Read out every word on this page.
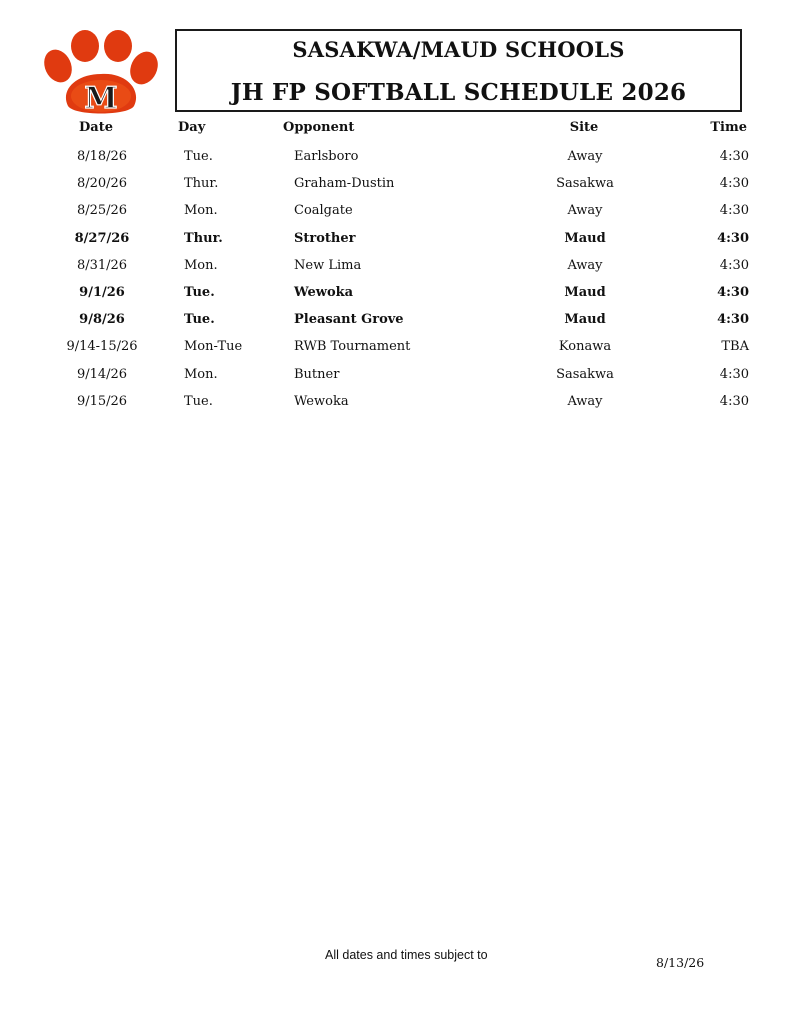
M
SASAKWA/MAUD SCHOOLS
JH FP SOFTBALL SCHEDULE 2026
Date	Day	Opponent	Site	Time
8/18/26	Tue.	Earlsboro	Away	4:30
8/20/26	Thur.	Graham-Dustin	Sasakwa	4:30
8/25/26	Mon.	Coalgate	Away	4:30
8/27/26	Thur.	Strother	Maud	4:30
8/31/26	Mon.	New Lima	Away	4:30
9/1/26	Tue.	Wewoka	Maud	4:30
9/8/26	Tue.	Pleasant Grove	Maud	4:30
9/14-15/26	Mon-Tue	RWB Tournament	Konawa	TBA
9/14/26	Mon.	Butner	Sasakwa	4:30
9/15/26	Tue.	Wewoka	Away	4:30
All dates and times subject to	8/13/26
